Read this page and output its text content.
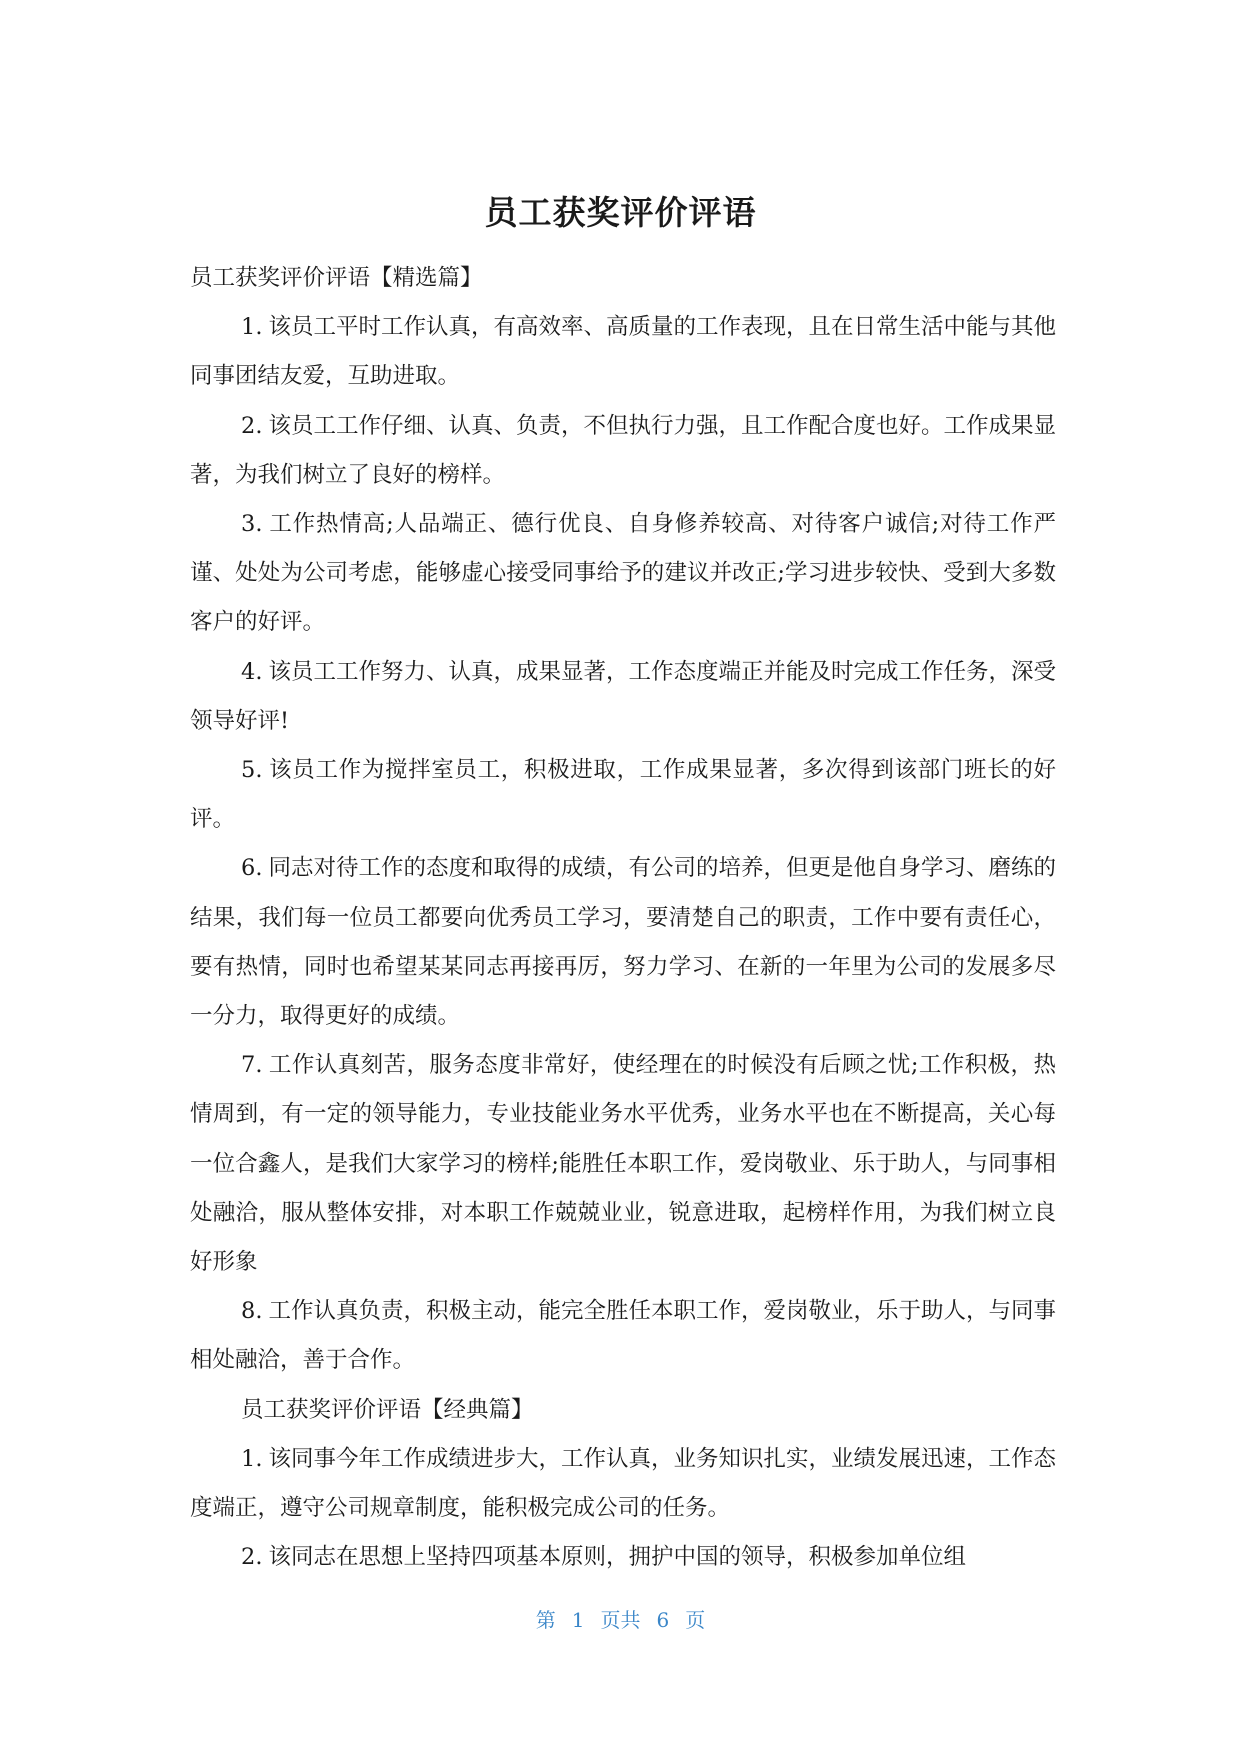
员工获奖评价评语

员工获奖评价评语【精选篇】

1. 该员工平时工作认真，有高效率、高质量的工作表现，且在日常生活中能与其他同事团结友爱，互助进取。

2. 该员工工作仔细、认真、负责，不但执行力强，且工作配合度也好。工作成果显著，为我们树立了良好的榜样。

3. 工作热情高;人品端正、德行优良、自身修养较高、对待客户诚信;对待工作严谨、处处为公司考虑，能够虚心接受同事给予的建议并改正;学习进步较快、受到大多数客户的好评。

4. 该员工工作努力、认真，成果显著，工作态度端正并能及时完成工作任务，深受领导好评!

5. 该员工作为搅拌室员工，积极进取，工作成果显著，多次得到该部门班长的好评。

6. 同志对待工作的态度和取得的成绩，有公司的培养，但更是他自身学习、磨练的结果，我们每一位员工都要向优秀员工学习，要清楚自己的职责，工作中要有责任心，要有热情，同时也希望某某同志再接再厉，努力学习、在新的一年里为公司的发展多尽一分力，取得更好的成绩。

7. 工作认真刻苦，服务态度非常好，使经理在的时候没有后顾之忧;工作积极，热情周到，有一定的领导能力，专业技能业务水平优秀，业务水平也在不断提高，关心每一位合鑫人，是我们大家学习的榜样;能胜任本职工作，爱岗敬业、乐于助人，与同事相处融洽，服从整体安排，对本职工作兢兢业业，锐意进取，起榜样作用，为我们树立良好形象

8. 工作认真负责，积极主动，能完全胜任本职工作，爱岗敬业，乐于助人，与同事相处融洽，善于合作。

员工获奖评价评语【经典篇】

1. 该同事今年工作成绩进步大，工作认真，业务知识扎实，业绩发展迅速，工作态度端正，遵守公司规章制度，能积极完成公司的任务。

2. 该同志在思想上坚持四项基本原则，拥护中国的领导，积极参加单位组

第 1 页共 6 页
